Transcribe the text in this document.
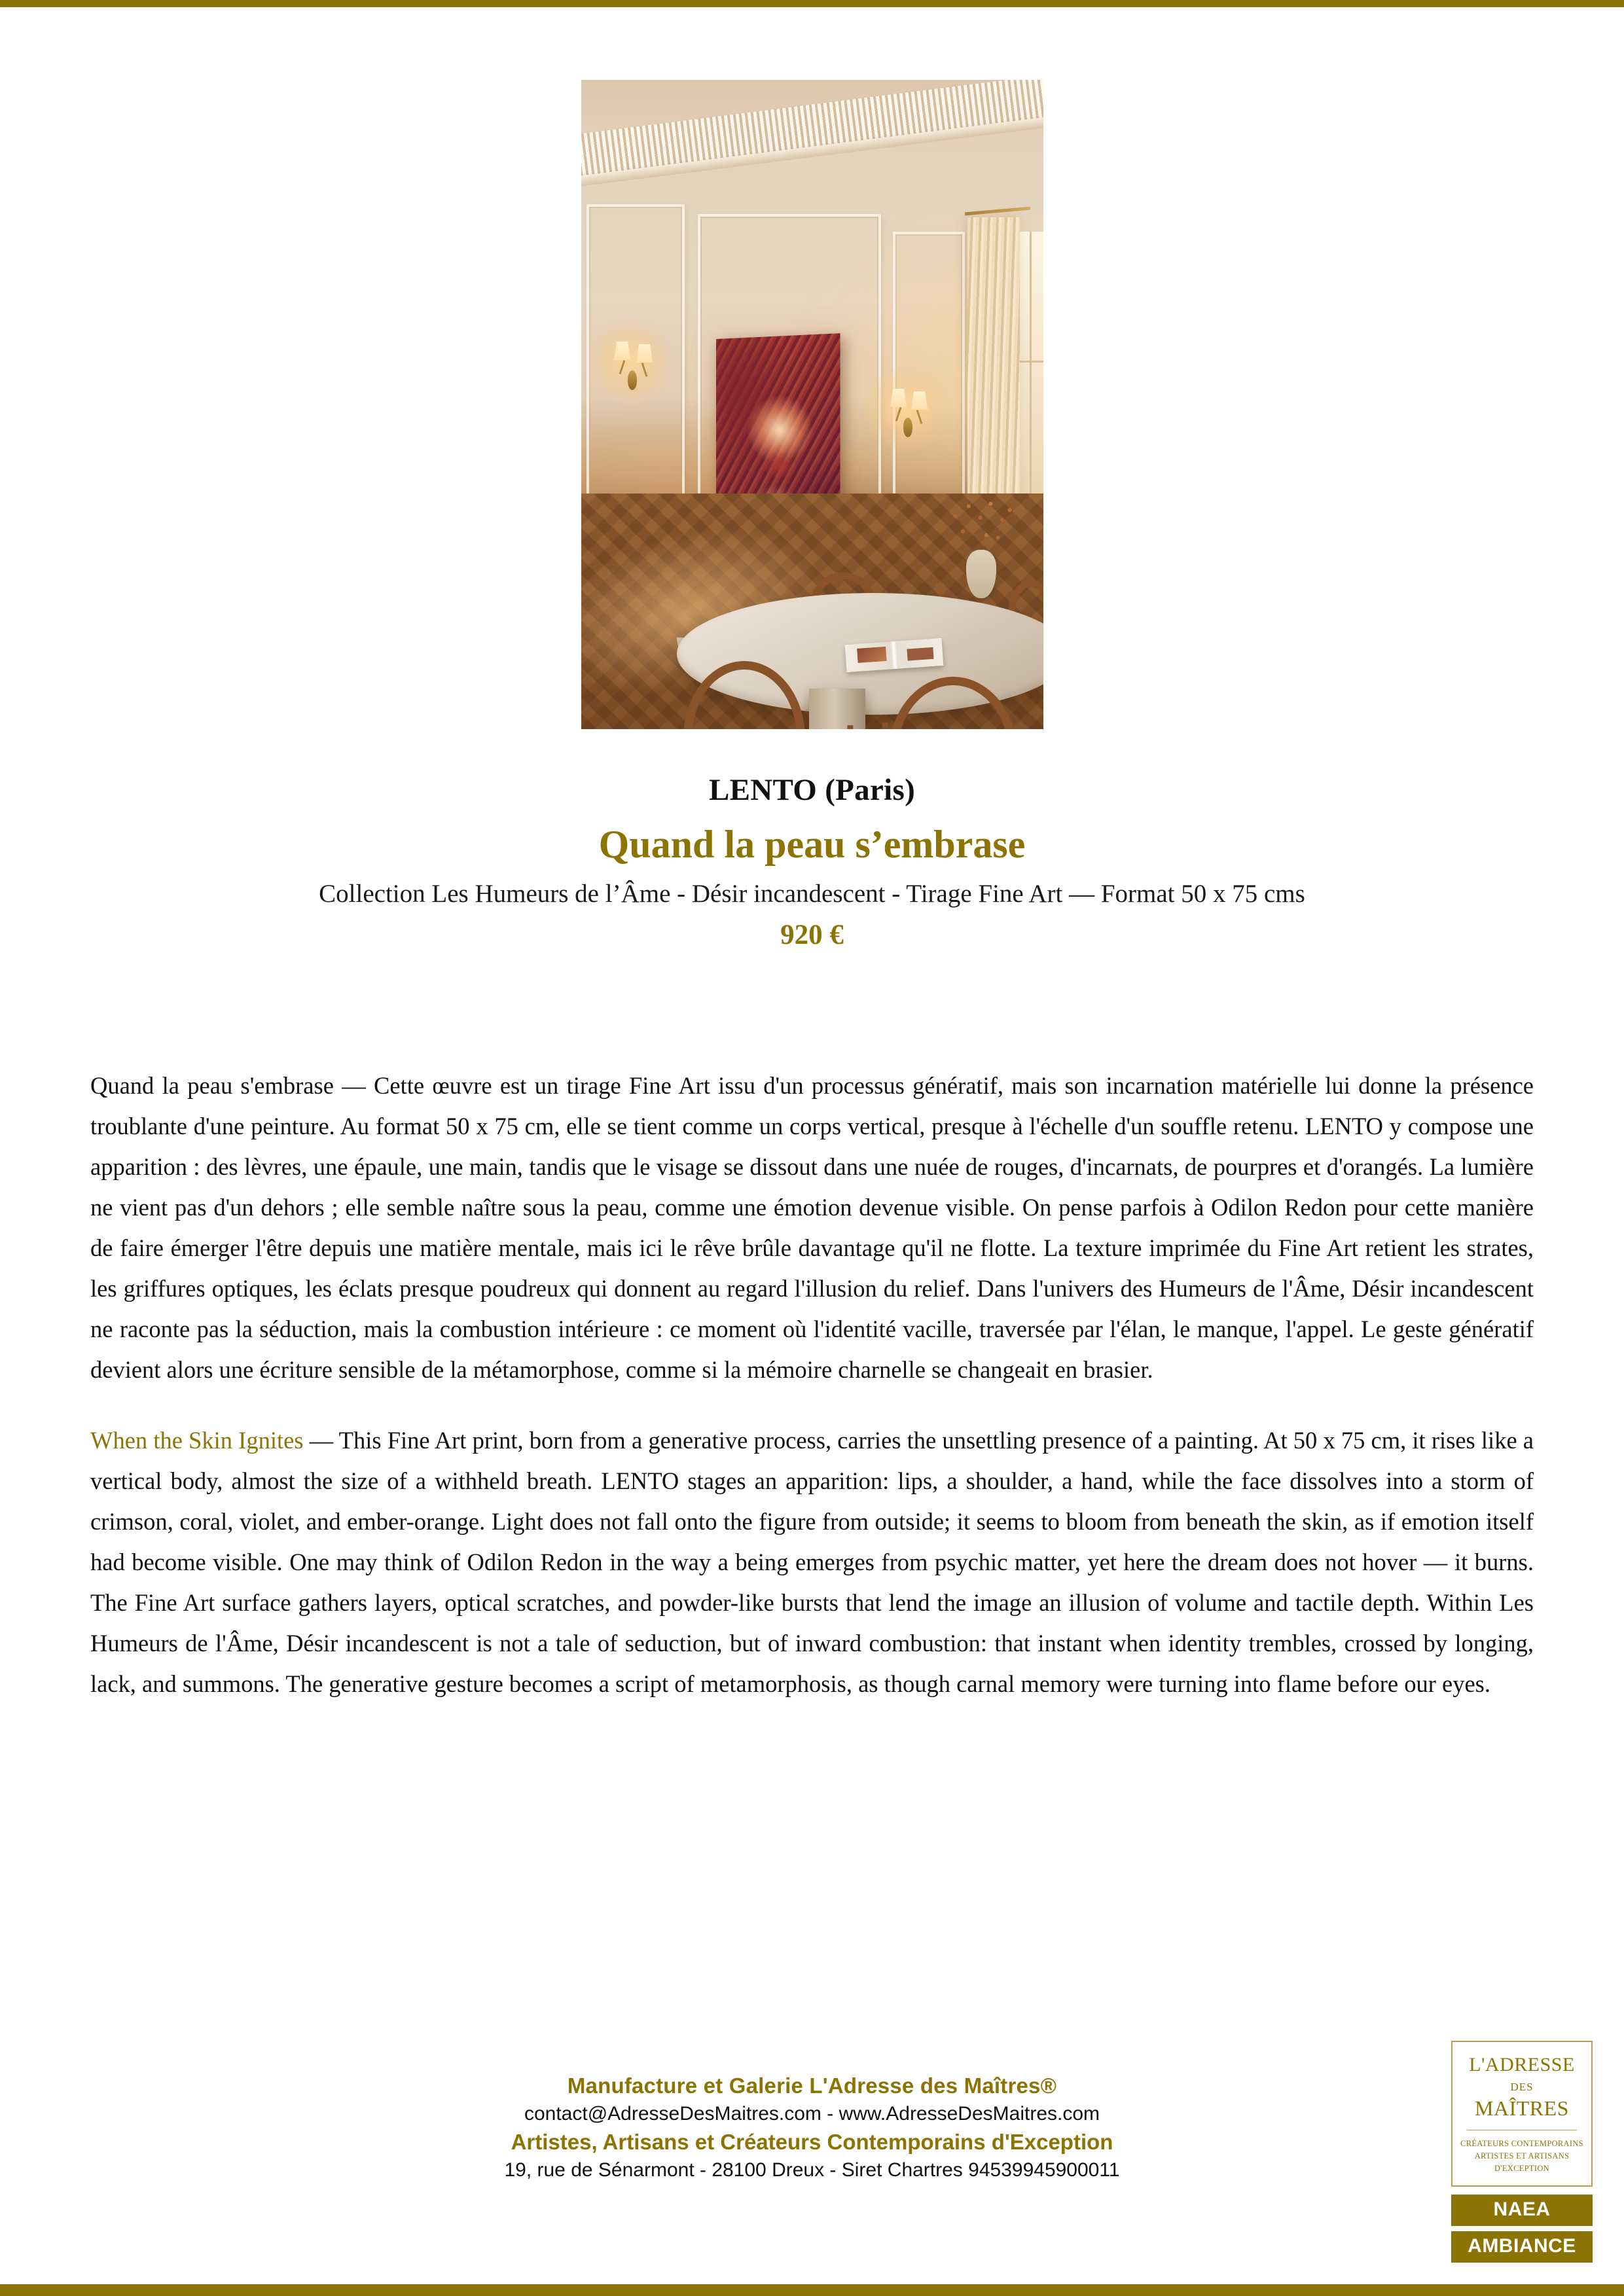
LENTO (Paris)
Quand la peau s’embrase
Collection Les Humeurs de l’Âme - Désir incandescent - Tirage Fine Art — Format 50 x 75 cms
920 €

Quand la peau s'embrase — Cette œuvre est un tirage Fine Art issu d'un processus génératif, mais son incarnation matérielle lui donne la présence troublante d'une peinture. Au format 50 x 75 cm, elle se tient comme un corps vertical, presque à l'échelle d'un souffle retenu. LENTO y compose une apparition : des lèvres, une épaule, une main, tandis que le visage se dissout dans une nuée de rouges, d'incarnats, de pourpres et d'orangés. La lumière ne vient pas d'un dehors ; elle semble naître sous la peau, comme une émotion devenue visible. On pense parfois à Odilon Redon pour cette manière de faire émerger l'être depuis une matière mentale, mais ici le rêve brûle davantage qu'il ne flotte. La texture imprimée du Fine Art retient les strates, les griffures optiques, les éclats presque poudreux qui donnent au regard l'illusion du relief. Dans l'univers des Humeurs de l'Âme, Désir incandescent ne raconte pas la séduction, mais la combustion intérieure : ce moment où l'identité vacille, traversée par l'élan, le manque, l'appel. Le geste génératif devient alors une écriture sensible de la métamorphose, comme si la mémoire charnelle se changeait en brasier.

When the Skin Ignites — This Fine Art print, born from a generative process, carries the unsettling presence of a painting. At 50 x 75 cm, it rises like a vertical body, almost the size of a withheld breath. LENTO stages an apparition: lips, a shoulder, a hand, while the face dissolves into a storm of crimson, coral, violet, and ember-orange. Light does not fall onto the figure from outside; it seems to bloom from beneath the skin, as if emotion itself had become visible. One may think of Odilon Redon in the way a being emerges from psychic matter, yet here the dream does not hover — it burns. The Fine Art surface gathers layers, optical scratches, and powder-like bursts that lend the image an illusion of volume and tactile depth. Within Les Humeurs de l'Âme, Désir incandescent is not a tale of seduction, but of inward combustion: that instant when identity trembles, crossed by longing, lack, and summons. The generative gesture becomes a script of metamorphosis, as though carnal memory were turning into flame before our eyes.

Manufacture et Galerie L'Adresse des Maîtres®
contact@AdresseDesMaitres.com - www.AdresseDesMaitres.com
Artistes, Artisans et Créateurs Contemporains d'Exception
19, rue de Sénarmont - 28100 Dreux - Siret Chartres 94539945900011
L'ADRESSE
DES
MAÎTRES
CRÉATEURS CONTEMPORAINS
ARTISTES ET ARTISANS
D'EXCEPTION
NAEA
AMBIANCE
